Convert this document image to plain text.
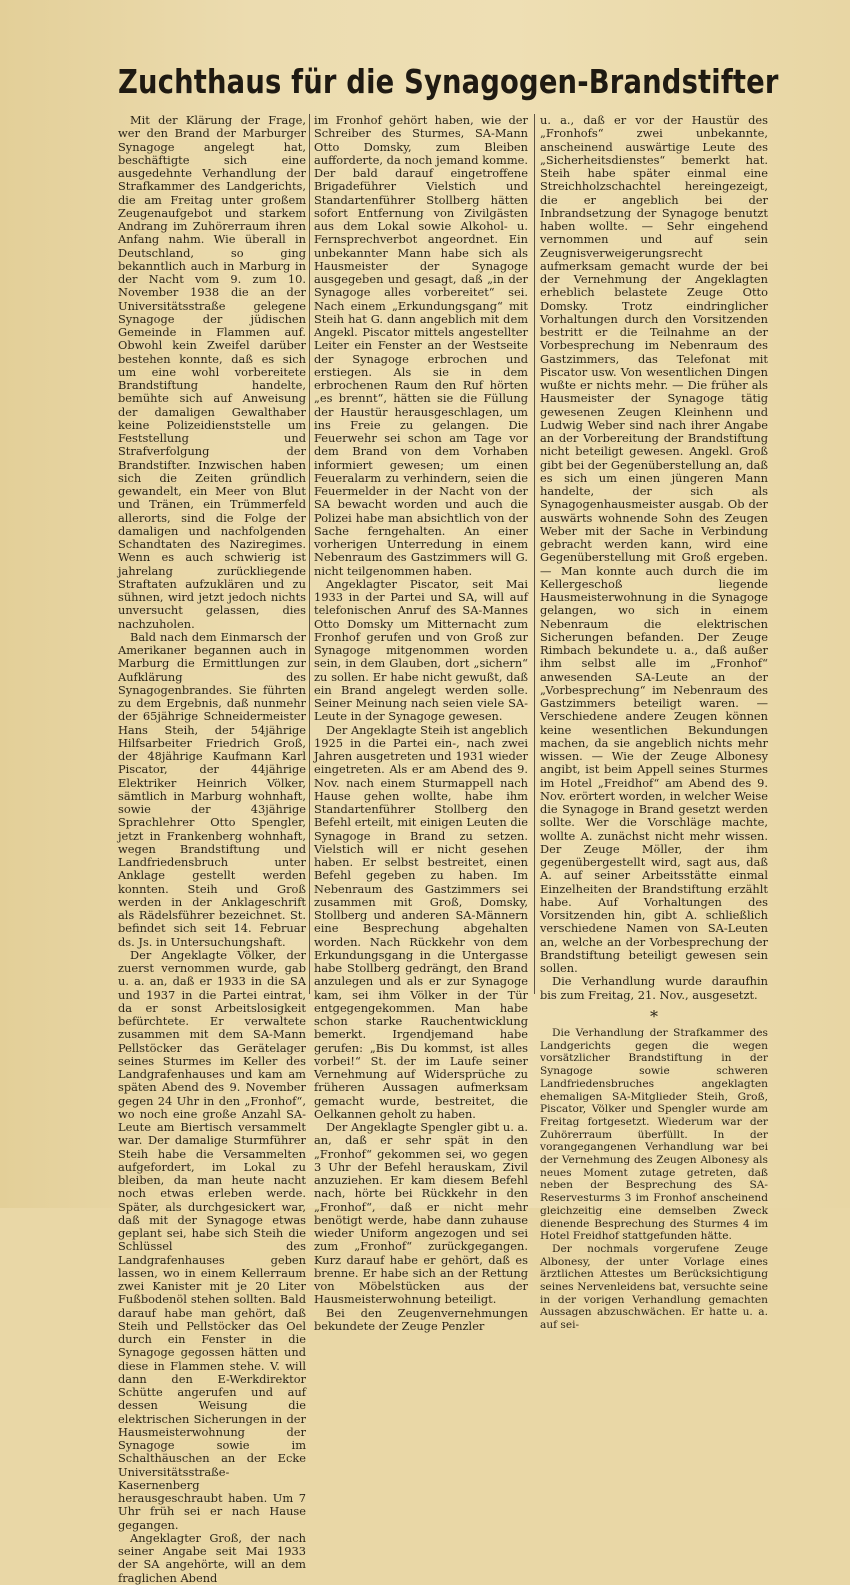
Zuchthaus für die Synagogen-Brandstifter

Mit der Klärung der Frage, wer den Brand der Marburger Synagoge angelegt hat, beschäftigte sich eine ausgedehnte Verhandlung der Strafkammer des Landgerichts, die am Freitag unter großem Zeugenaufgebot und starkem Andrang im Zuhörerraum ihren Anfang nahm. Wie überall in Deutschland, so ging bekanntlich auch in Marburg in der Nacht vom 9. zum 10. November 1938 die an der Universitätsstraße gelegene Synagoge der jüdischen Gemeinde in Flammen auf. Obwohl kein Zweifel darüber bestehen konnte, daß es sich um eine wohl vorbereitete Brandstiftung handelte, bemühte sich auf Anweisung der damaligen Gewalthaber keine Polizeidienststelle um Feststellung und Strafverfolgung der Brandstifter. Inzwischen haben sich die Zeiten gründlich gewandelt, ein Meer von Blut und Tränen, ein Trümmerfeld allerorts, sind die Folge der damaligen und nachfolgenden Schandtaten des Naziregimes. Wenn es auch schwierig ist jahrelang zurückliegende Straftaten aufzuklären und zu sühnen, wird jetzt jedoch nichts unversucht gelassen, dies nachzuholen.

Bald nach dem Einmarsch der Amerikaner begannen auch in Marburg die Ermittlungen zur Aufklärung des Synagogenbrandes. Sie führten zu dem Ergebnis, daß nunmehr der 65jährige Schneidermeister Hans Steih, der 54jährige Hilfsarbeiter Friedrich Groß, der 48jährige Kaufmann Karl Piscator, der 44jährige Elektriker Heinrich Völker, sämtlich in Marburg wohnhaft, sowie der 43jährige Sprachlehrer Otto Spengler, jetzt in Frankenberg wohnhaft, wegen Brandstiftung und Landfriedensbruch unter Anklage gestellt werden konnten. Steih und Groß werden in der Anklageschrift als Rädelsführer bezeichnet. St. befindet sich seit 14. Februar ds. Js. in Untersuchungshaft.

Der Angeklagte Völker, der zuerst vernommen wurde, gab u. a. an, daß er 1933 in die SA und 1937 in die Partei eintrat, da er sonst Arbeitslosigkeit befürchtete. Er verwaltete zusammen mit dem SA-Mann Pellstöcker das Gerätelager seines Sturmes im Keller des Landgrafenhauses und kam am späten Abend des 9. November gegen 24 Uhr in den „Fronhof“, wo noch eine große Anzahl SA-Leute am Biertisch versammelt war. Der damalige Sturmführer Steih habe die Versammelten aufgefordert, im Lokal zu bleiben, da man heute nacht noch etwas erleben werde. Später, als durchgesickert war, daß mit der Synagoge etwas geplant sei, habe sich Steih die Schlüssel des Landgrafenhauses geben lassen, wo in einem Kellerraum zwei Kanister mit je 20 Liter Fußbodenöl stehen sollten. Bald darauf habe man gehört, daß Steih und Pellstöcker das Oel durch ein Fenster in die Synagoge gegossen hätten und diese in Flammen stehe. V. will dann den E-Werkdirektor Schütte angerufen und auf dessen Weisung die elektrischen Sicherungen in der Hausmeisterwohnung der Synagoge sowie im Schalthäuschen an der Ecke Universitätsstraße-Kasernenberg herausgeschraubt haben. Um 7 Uhr früh sei er nach Hause gegangen.

Angeklagter Groß, der nach seiner Angabe seit Mai 1933 der SA angehörte, will an dem fraglichen Abend

im Fronhof gehört haben, wie der Schreiber des Sturmes, SA-Mann Otto Domsky, zum Bleiben aufforderte, da noch jemand komme. Der bald darauf eingetroffene Brigadeführer Vielstich und Standartenführer Stollberg hätten sofort Entfernung von Zivilgästen aus dem Lokal sowie Alkohol- u. Fernsprechverbot angeordnet. Ein unbekannter Mann habe sich als Hausmeister der Synagoge ausgegeben und gesagt, daß „in der Synagoge alles vorbereitet“ sei. Nach einem „Erkundungsgang“ mit Steih hat G. dann angeblich mit dem Angekl. Piscator mittels angestellter Leiter ein Fenster an der Westseite der Synagoge erbrochen und erstiegen. Als sie in dem erbrochenen Raum den Ruf hörten „es brennt“, hätten sie die Füllung der Haustür herausgeschlagen, um ins Freie zu gelangen. Die Feuerwehr sei schon am Tage vor dem Brand von dem Vorhaben informiert gewesen; um einen Feueralarm zu verhindern, seien die Feuermelder in der Nacht von der SA bewacht worden und auch die Polizei habe man absichtlich von der Sache ferngehalten. An einer vorherigen Unterredung in einem Nebenraum des Gastzimmers will G. nicht teilgenommen haben.

Angeklagter Piscator, seit Mai 1933 in der Partei und SA, will auf telefonischen Anruf des SA-Mannes Otto Domsky um Mitternacht zum Fronhof gerufen und von Groß zur Synagoge mitgenommen worden sein, in dem Glauben, dort „sichern“ zu sollen. Er habe nicht gewußt, daß ein Brand angelegt werden solle. Seiner Meinung nach seien viele SA-Leute in der Synagoge gewesen.

Der Angeklagte Steih ist angeblich 1925 in die Partei ein-, nach zwei Jahren ausgetreten und 1931 wieder eingetreten. Als er am Abend des 9. Nov. nach einem Sturmappell nach Hause gehen wollte, habe ihm Standartenführer Stollberg den Befehl erteilt, mit einigen Leuten die Synagoge in Brand zu setzen. Vielstich will er nicht gesehen haben. Er selbst bestreitet, einen Befehl gegeben zu haben. Im Nebenraum des Gastzimmers sei zusammen mit Groß, Domsky, Stollberg und anderen SA-Männern eine Besprechung abgehalten worden. Nach Rückkehr von dem Erkundungsgang in die Untergasse habe Stollberg gedrängt, den Brand anzulegen und als er zur Synagoge kam, sei ihm Völker in der Tür entgegengekommen. Man habe schon starke Rauchentwicklung bemerkt. Irgendjemand habe gerufen: „Bis Du kommst, ist alles vorbei!“ St. der im Laufe seiner Vernehmung auf Widersprüche zu früheren Aussagen aufmerksam gemacht wurde, bestreitet, die Oelkannen geholt zu haben.

Der Angeklagte Spengler gibt u. a. an, daß er sehr spät in den „Fronhof“ gekommen sei, wo gegen 3 Uhr der Befehl herauskam, Zivil anzuziehen. Er kam diesem Befehl nach, hörte bei Rückkehr in den „Fronhof“, daß er nicht mehr benötigt werde, habe dann zuhause wieder Uniform angezogen und sei zum „Fronhof“ zurückgegangen. Kurz darauf habe er gehört, daß es brenne. Er habe sich an der Rettung von Möbelstücken aus der Hausmeisterwohnung beteiligt.

Bei den Zeugenvernehmungen bekundete der Zeuge Penzler

u. a., daß er vor der Haustür des „Fronhofs“ zwei unbekannte, anscheinend auswärtige Leute des „Sicherheitsdienstes“ bemerkt hat. Steih habe später einmal eine Streichholzschachtel hereingezeigt, die er angeblich bei der Inbrandsetzung der Synagoge benutzt haben wollte. — Sehr eingehend vernommen und auf sein Zeugnisverweigerungsrecht aufmerksam gemacht wurde der bei der Vernehmung der Angeklagten erheblich belastete Zeuge Otto Domsky. Trotz eindringlicher Vorhaltungen durch den Vorsitzenden bestritt er die Teilnahme an der Vorbesprechung im Nebenraum des Gastzimmers, das Telefonat mit Piscator usw. Von wesentlichen Dingen wußte er nichts mehr. — Die früher als Hausmeister der Synagoge tätig gewesenen Zeugen Kleinhenn und Ludwig Weber sind nach ihrer Angabe an der Vorbereitung der Brandstiftung nicht beteiligt gewesen. Angekl. Groß gibt bei der Gegenüberstellung an, daß es sich um einen jüngeren Mann handelte, der sich als Synagogenhausmeister ausgab. Ob der auswärts wohnende Sohn des Zeugen Weber mit der Sache in Verbindung gebracht werden kann, wird eine Gegenüberstellung mit Groß ergeben. — Man konnte auch durch die im Kellergeschoß liegende Hausmeisterwohnung in die Synagoge gelangen, wo sich in einem Nebenraum die elektrischen Sicherungen befanden. Der Zeuge Rimbach bekundete u. a., daß außer ihm selbst alle im „Fronhof“ anwesenden SA-Leute an der „Vorbesprechung“ im Nebenraum des Gastzimmers beteiligt waren. — Verschiedene andere Zeugen können keine wesentlichen Bekundungen machen, da sie angeblich nichts mehr wissen. — Wie der Zeuge Albonesy angibt, ist beim Appell seines Sturmes im Hotel „Freidhof“ am Abend des 9. Nov. erörtert worden, in welcher Weise die Synagoge in Brand gesetzt werden sollte. Wer die Vorschläge machte, wollte A. zunächst nicht mehr wissen. Der Zeuge Möller, der ihm gegenübergestellt wird, sagt aus, daß A. auf seiner Arbeitsstätte einmal Einzelheiten der Brandstiftung erzählt habe. Auf Vorhaltungen des Vorsitzenden hin, gibt A. schließlich verschiedene Namen von SA-Leuten an, welche an der Vorbesprechung der Brandstiftung beteiligt gewesen sein sollen.

Die Verhandlung wurde daraufhin bis zum Freitag, 21. Nov., ausgesetzt.

*

Die Verhandlung der Strafkammer des Landgerichts gegen die wegen vorsätzlicher Brandstiftung in der Synagoge sowie schweren Landfriedensbruches angeklagten ehemaligen SA-Mitglieder Steih, Groß, Piscator, Völker und Spengler wurde am Freitag fortgesetzt. Wiederum war der Zuhörerraum überfüllt. In der vorangegangenen Verhandlung war bei der Vernehmung des Zeugen Albonesy als neues Moment zutage getreten, daß neben der Besprechung des SA-Reservesturms 3 im Fronhof anscheinend gleichzeitig eine demselben Zweck dienende Besprechung des Sturmes 4 im Hotel Freidhof stattgefunden hätte.

Der nochmals vorgerufene Zeuge Albonesy, der unter Vorlage eines ärztlichen Attestes um Berücksichtigung seines Nervenleidens bat, versuchte seine in der vorigen Verhandlung gemachten Aussagen abzuschwächen. Er hatte u. a. auf sei-
